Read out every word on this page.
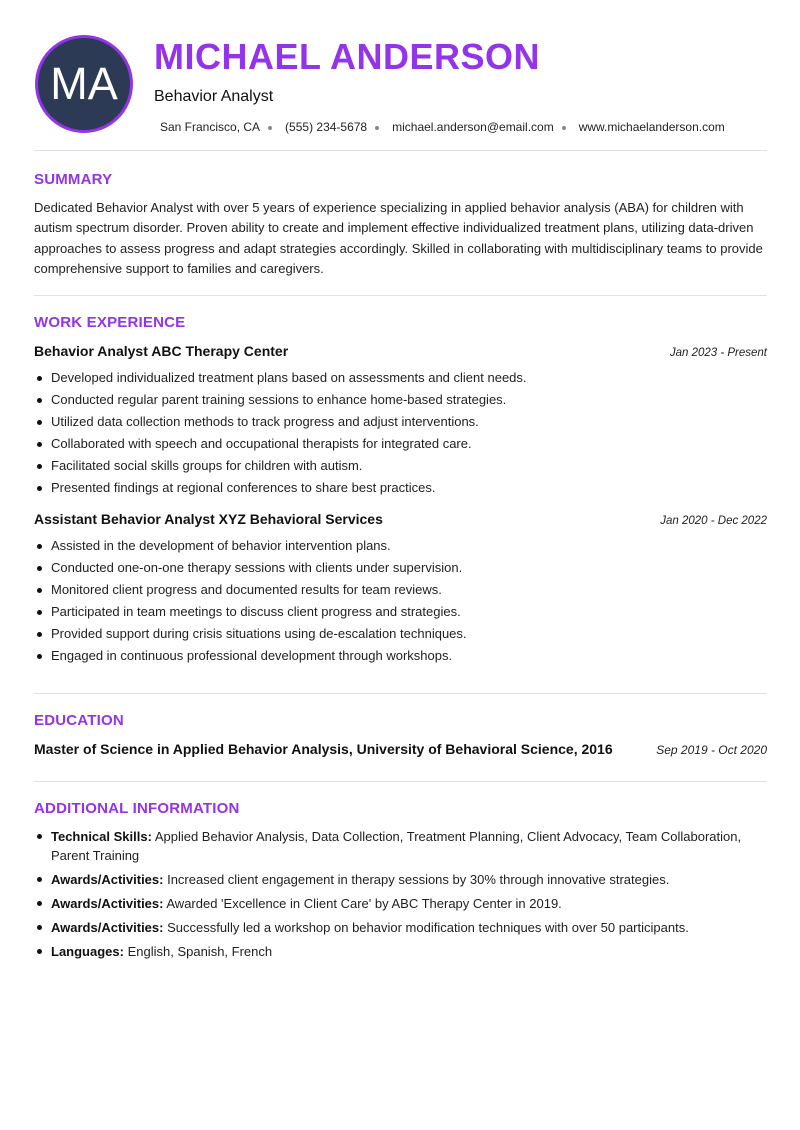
MA
MICHAEL ANDERSON
Behavior Analyst
San Francisco, CA (555) 234-5678 michael.anderson@email.com www.michaelanderson.com
SUMMARY

Dedicated Behavior Analyst with over 5 years of experience specializing in applied behavior analysis (ABA) for children with autism spectrum disorder. Proven ability to create and implement effective individualized treatment plans, utilizing data-driven approaches to assess progress and adapt strategies accordingly. Skilled in collaborating with multidisciplinary teams to provide comprehensive support to families and caregivers.

WORK EXPERIENCE
Behavior Analyst ABC Therapy Center	Jan 2023 - Present
Developed individualized treatment plans based on assessments and client needs.
Conducted regular parent training sessions to enhance home-based strategies.
Utilized data collection methods to track progress and adjust interventions.
Collaborated with speech and occupational therapists for integrated care.
Facilitated social skills groups for children with autism.
Presented findings at regional conferences to share best practices.
Assistant Behavior Analyst XYZ Behavioral Services	Jan 2020 - Dec 2022
Assisted in the development of behavior intervention plans.
Conducted one-on-one therapy sessions with clients under supervision.
Monitored client progress and documented results for team reviews.
Participated in team meetings to discuss client progress and strategies.
Provided support during crisis situations using de-escalation techniques.
Engaged in continuous professional development through workshops.
EDUCATION
Master of Science in Applied Behavior Analysis, University of Behavioral Science, 2016	Sep 2019 - Oct 2020
ADDITIONAL INFORMATION
Technical Skills: Applied Behavior Analysis, Data Collection, Treatment Planning, Client Advocacy, Team Collaboration, Parent Training
Awards/Activities: Increased client engagement in therapy sessions by 30% through innovative strategies.
Awards/Activities: Awarded 'Excellence in Client Care' by ABC Therapy Center in 2019.
Awards/Activities: Successfully led a workshop on behavior modification techniques with over 50 participants.
Languages: English, Spanish, French
